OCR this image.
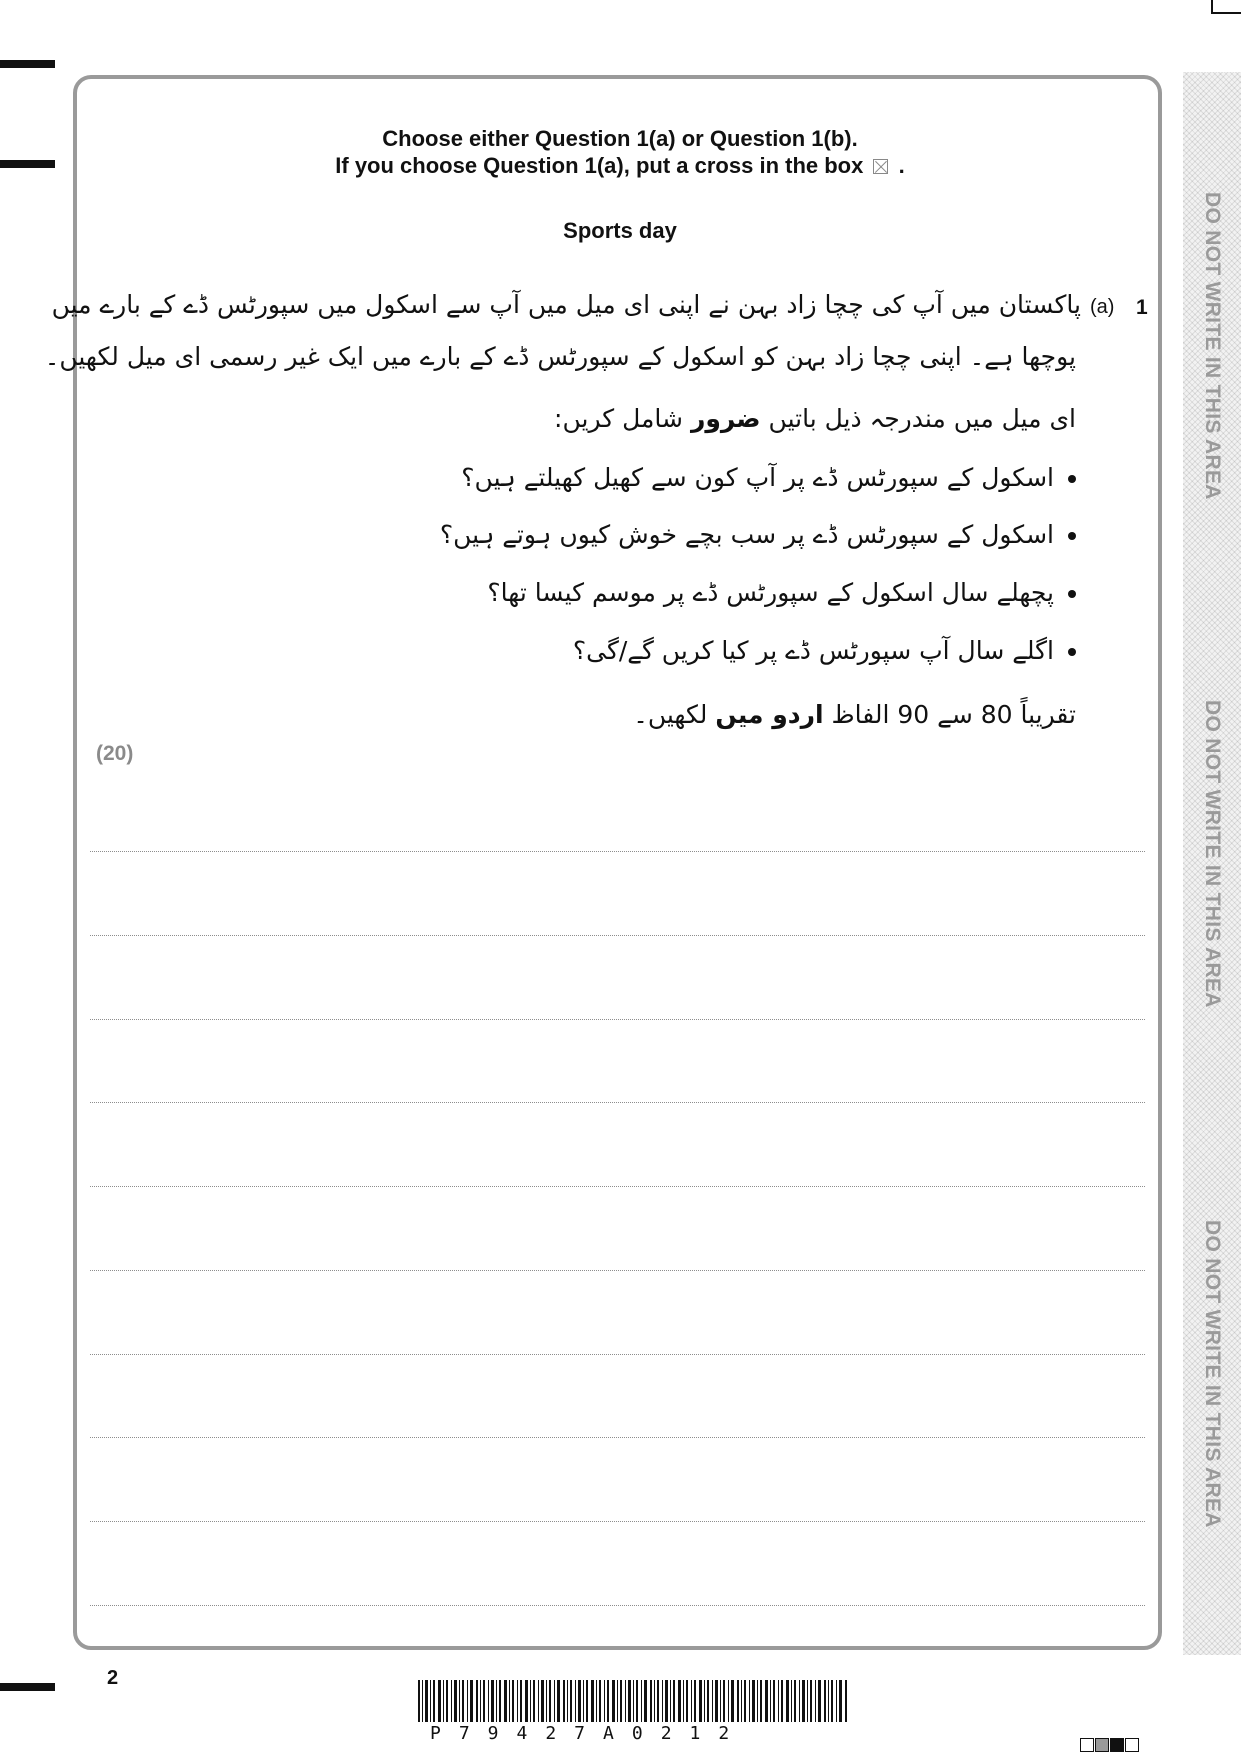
DO NOT WRITE IN THIS AREA
DO NOT WRITE IN THIS AREA
DO NOT WRITE IN THIS AREA
Choose either Question 1(a) or Question 1(b).
If you choose Question 1(a), put a cross in the box ☒ .
Sports day
1
(a)
پاکستان میں آپ کی چچا زاد بہن نے اپنی ای میل میں آپ سے اسکول میں سپورٹس ڈے کے بارے میں
پوچھا ہے۔ اپنی چچا زاد بہن کو اسکول کے سپورٹس ڈے کے بارے میں ایک غیر رسمی ای میل لکھیں۔
ای میل میں مندرجہ ذیل باتیں ضرور شامل کریں:
اسکول کے سپورٹس ڈے پر آپ کون سے کھیل کھیلتے ہیں؟
اسکول کے سپورٹس ڈے پر سب بچے خوش کیوں ہوتے ہیں؟
پچھلے سال اسکول کے سپورٹس ڈے پر موسم کیسا تھا؟
اگلے سال آپ سپورٹس ڈے پر کیا کریں گے/گی؟
تقریباً 80 سے 90 الفاظ اردو میں لکھیں۔
(20)
2
P79427A0212
